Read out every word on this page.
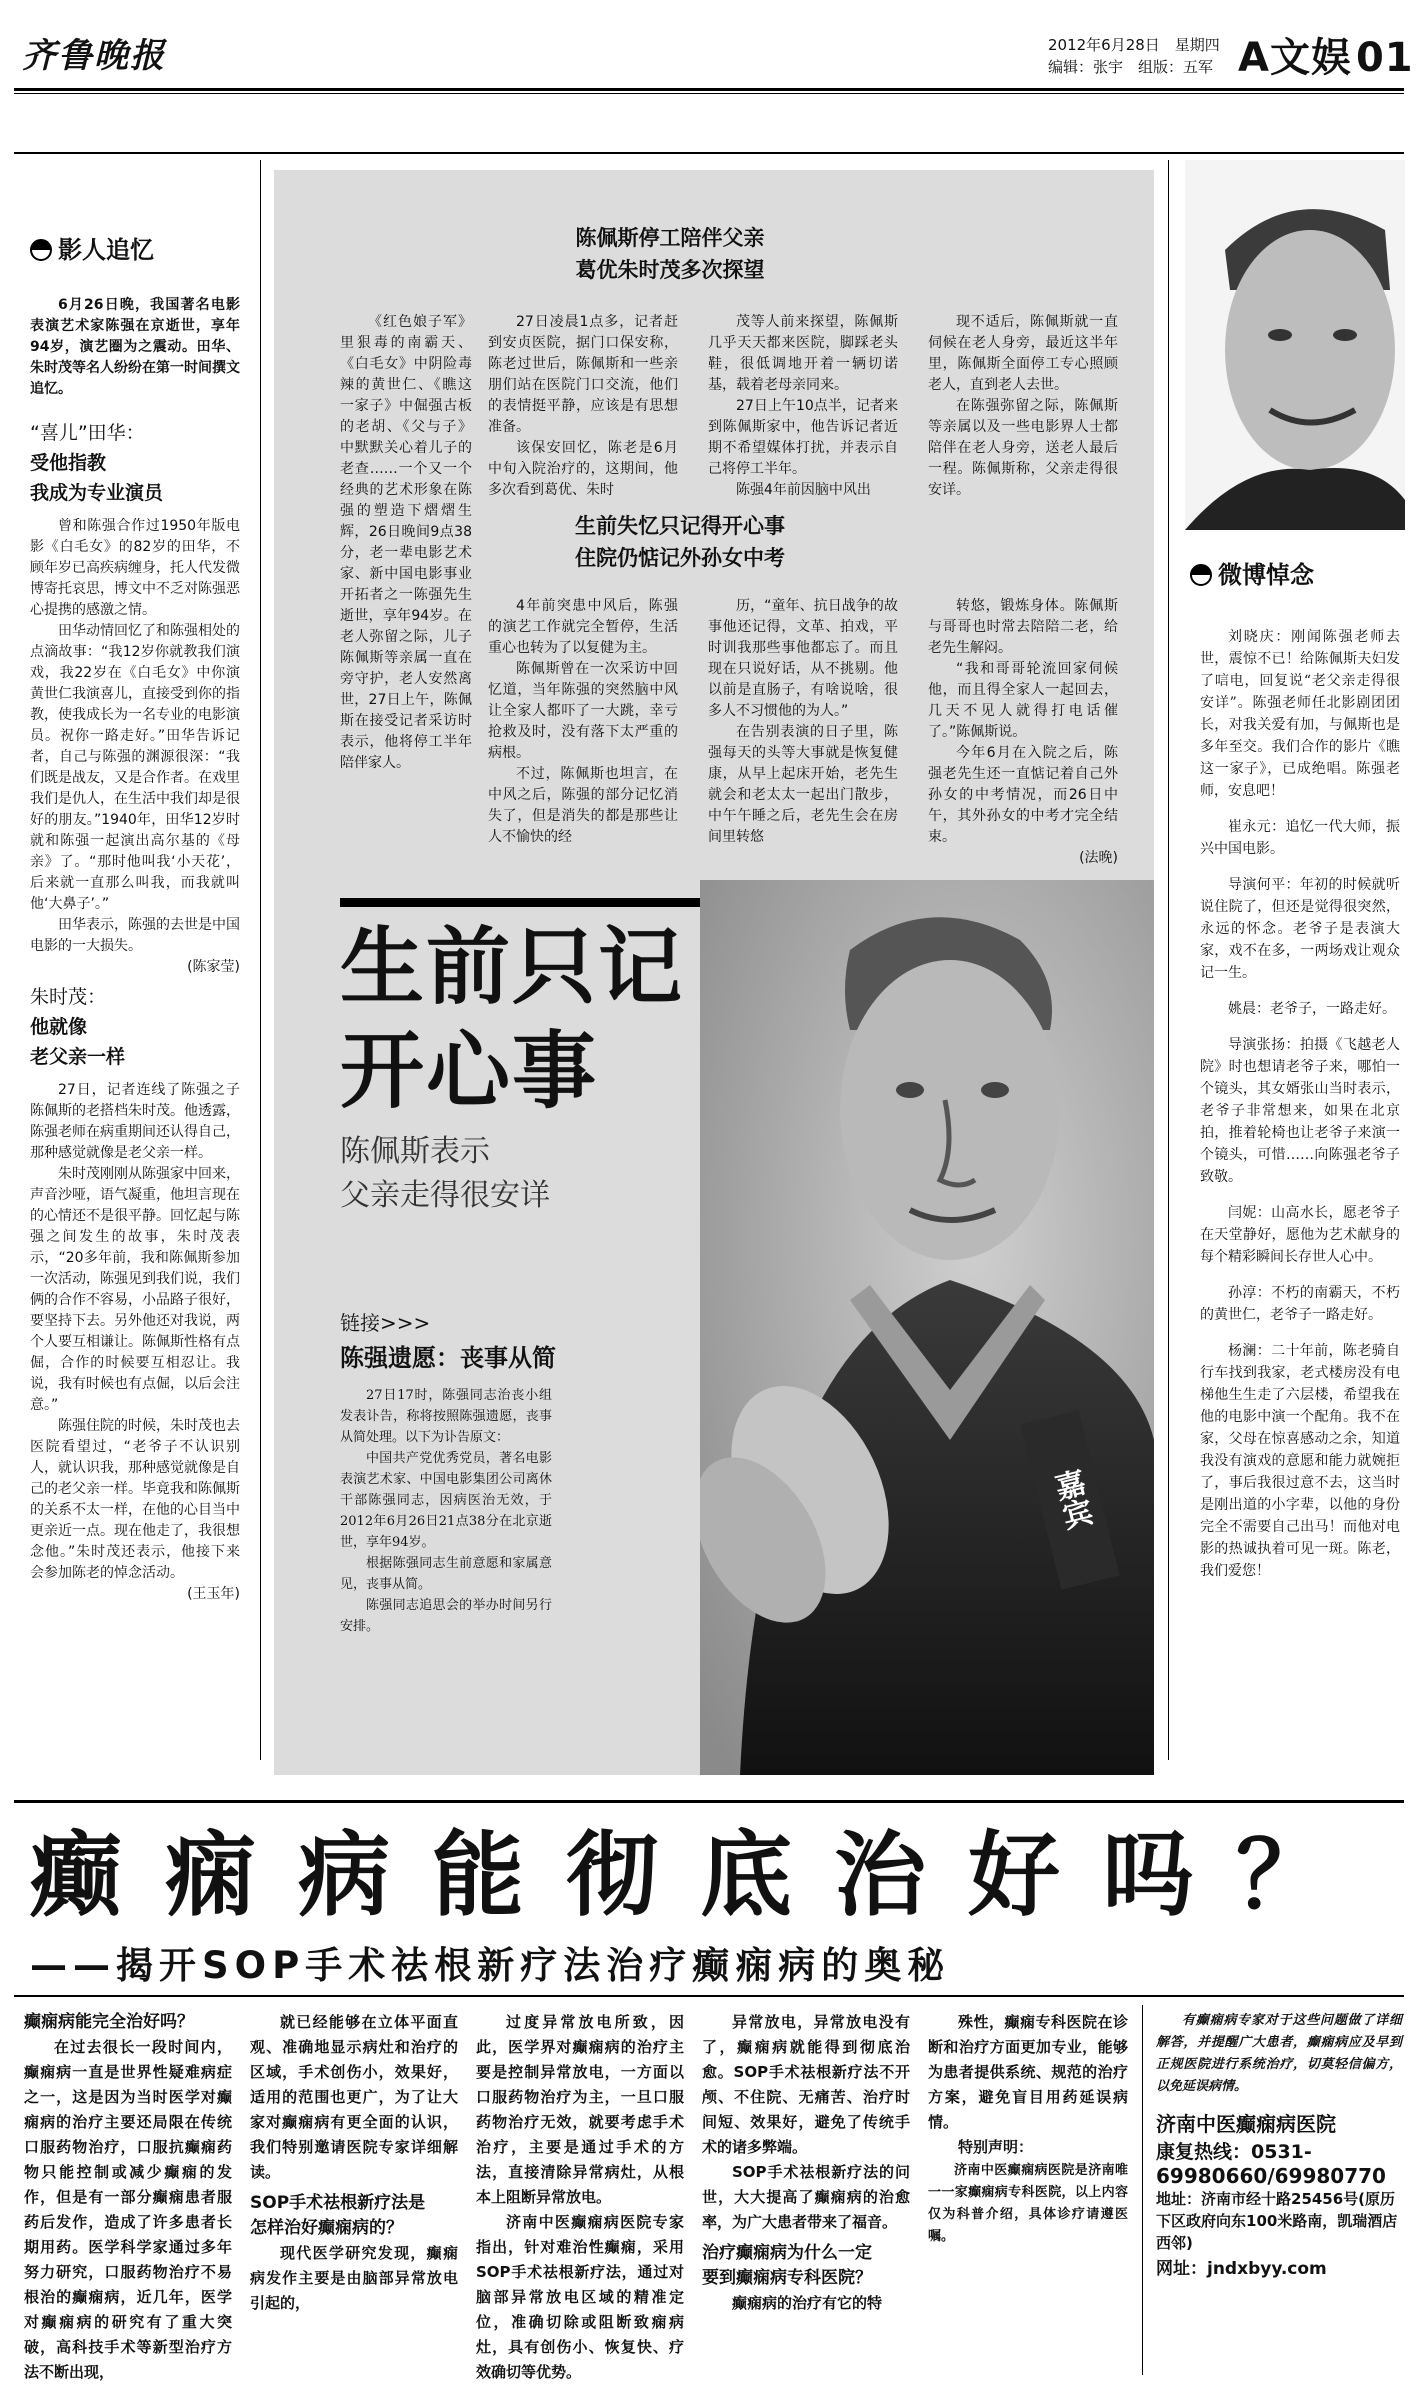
齐鲁晚报	2012年6月28日　星期四
编辑：张宇　组版：五军 A文娱 01
影人追忆

6月26日晚，我国著名电影表演艺术家陈强在京逝世，享年94岁，演艺圈为之震动。田华、朱时茂等名人纷纷在第一时间撰文追忆。

“喜儿”田华：
受他指教
我成为专业演员

曾和陈强合作过1950年版电影《白毛女》的82岁的田华，不顾年岁已高疾病缠身，托人代发微博寄托哀思，博文中不乏对陈强恶心提携的感激之情。

田华动情回忆了和陈强相处的点滴故事：“我12岁你就教我们演戏，我22岁在《白毛女》中你演黄世仁我演喜儿，直接受到你的指教，使我成长为一名专业的电影演员。祝你一路走好。”田华告诉记者，自己与陈强的渊源很深：“我们既是战友，又是合作者。在戏里我们是仇人，在生活中我们却是很好的朋友。”1940年，田华12岁时就和陈强一起演出高尔基的《母亲》了。“那时他叫我‘小天花’，后来就一直那么叫我，而我就叫他‘大鼻子’。”

田华表示，陈强的去世是中国电影的一大损失。

(陈家莹)
朱时茂：
他就像
老父亲一样

27日，记者连线了陈强之子陈佩斯的老搭档朱时茂。他透露，陈强老师在病重期间还认得自己，那种感觉就像是老父亲一样。

朱时茂刚刚从陈强家中回来，声音沙哑，语气凝重，他坦言现在的心情还不是很平静。回忆起与陈强之间发生的故事，朱时茂表示，“20多年前，我和陈佩斯参加一次活动，陈强见到我们说，我们俩的合作不容易，小品路子很好，要坚持下去。另外他还对我说，两个人要互相谦让。陈佩斯性格有点倔，合作的时候要互相忍让。我说，我有时候也有点倔，以后会注意。”

陈强住院的时候，朱时茂也去医院看望过，“老爷子不认识别人，就认识我，那种感觉就像是自己的老父亲一样。毕竟我和陈佩斯的关系不太一样，在他的心目当中更亲近一点。现在他走了，我很想念他。”朱时茂还表示，他接下来会参加陈老的悼念活动。

(王玉年)
陈佩斯停工陪伴父亲
葛优朱时茂多次探望

《红色娘子军》里狠毒的南霸天、《白毛女》中阴险毒辣的黄世仁、《瞧这一家子》中倔强古板的老胡、《父与子》中默默关心着儿子的老查……一个又一个经典的艺术形象在陈强的塑造下熠熠生辉，26日晚间9点38分，老一辈电影艺术家、新中国电影事业开拓者之一陈强先生逝世，享年94岁。在老人弥留之际，儿子陈佩斯等亲属一直在旁守护，老人安然离世，27日上午，陈佩斯在接受记者采访时表示，他将停工半年陪伴家人。

27日凌晨1点多，记者赶到安贞医院，据门口保安称，陈老过世后，陈佩斯和一些亲朋们站在医院门口交流，他们的表情挺平静，应该是有思想准备。

该保安回忆，陈老是6月中旬入院治疗的，这期间，他多次看到葛优、朱时

茂等人前来探望，陈佩斯几乎天天都来医院，脚踩老头鞋，很低调地开着一辆切诺基，载着老母亲同来。

27日上午10点半，记者来到陈佩斯家中，他告诉记者近期不希望媒体打扰，并表示自己将停工半年。

陈强4年前因脑中风出

现不适后，陈佩斯就一直伺候在老人身旁，最近这半年里，陈佩斯全面停工专心照顾老人，直到老人去世。

在陈强弥留之际，陈佩斯等亲属以及一些电影界人士都陪伴在老人身旁，送老人最后一程。陈佩斯称，父亲走得很安详。

生前失忆只记得开心事
住院仍惦记外孙女中考

4年前突患中风后，陈强的演艺工作就完全暂停，生活重心也转为了以复健为主。

陈佩斯曾在一次采访中回忆道，当年陈强的突然脑中风让全家人都吓了一大跳，幸亏抢救及时，没有落下太严重的病根。

不过，陈佩斯也坦言，在中风之后，陈强的部分记忆消失了，但是消失的都是那些让人不愉快的经

历，“童年、抗日战争的故事他还记得，文革、拍戏，平时训我那些事他都忘了。而且现在只说好话，从不挑剔。他以前是直肠子，有啥说啥，很多人不习惯他的为人。”

在告别表演的日子里，陈强每天的头等大事就是恢复健康，从早上起床开始，老先生就会和老太太一起出门散步，中午午睡之后，老先生会在房间里转悠

转悠，锻炼身体。陈佩斯与哥哥也时常去陪陪二老，给老先生解闷。

“我和哥哥轮流回家伺候他，而且得全家人一起回去，几天不见人就得打电话催了。”陈佩斯说。

今年6月在入院之后，陈强老先生还一直惦记着自己外孙女的中考情况，而26日中午，其外孙女的中考才完全结束。

(法晚)
嘉宾
生前只记
开心事
陈佩斯表示
父亲走得很安详
链接>>>
陈强遗愿：丧事从简

27日17时，陈强同志治丧小组发表讣告，称将按照陈强遗愿，丧事从简处理。以下为讣告原文：

中国共产党优秀党员，著名电影表演艺术家、中国电影集团公司离休干部陈强同志，因病医治无效，于2012年6月26日21点38分在北京逝世，享年94岁。

根据陈强同志生前意愿和家属意见，丧事从简。

陈强同志追思会的举办时间另行安排。

微博悼念

刘晓庆：刚闻陈强老师去世，震惊不已！给陈佩斯夫妇发了唁电，回复说“老父亲走得很安详”。陈强老师任北影剧团团长，对我关爱有加，与佩斯也是多年至交。我们合作的影片《瞧这一家子》，已成绝唱。陈强老师，安息吧！

崔永元：追忆一代大师，振兴中国电影。

导演何平：年初的时候就听说住院了，但还是觉得很突然，永远的怀念。老爷子是表演大家，戏不在多，一两场戏让观众记一生。

姚晨：老爷子，一路走好。

导演张扬：拍摄《飞越老人院》时也想请老爷子来，哪怕一个镜头，其女婿张山当时表示，老爷子非常想来，如果在北京拍，推着轮椅也让老爷子来演一个镜头，可惜……向陈强老爷子致敬。

闫妮：山高水长，愿老爷子在天堂静好，愿他为艺术献身的每个精彩瞬间长存世人心中。

孙淳：不朽的南霸天，不朽的黄世仁，老爷子一路走好。

杨澜：二十年前，陈老骑自行车找到我家，老式楼房没有电梯他生生走了六层楼，希望我在他的电影中演一个配角。我不在家，父母在惊喜感动之余，知道我没有演戏的意愿和能力就婉拒了，事后我很过意不去，这当时是刚出道的小字辈，以他的身份完全不需要自己出马！而他对电影的热诚执着可见一斑。陈老，我们爱您！

癫痫病能彻底治好吗？
——揭开SOP手术祛根新疗法治疗癫痫病的奥秘
癫痫病能完全治好吗？

在过去很长一段时间内，癫痫病一直是世界性疑难病症之一，这是因为当时医学对癫痫病的治疗主要还局限在传统口服药物治疗，口服抗癫痫药物只能控制或减少癫痫的发作，但是有一部分癫痫患者服药后发作，造成了许多患者长期用药。医学科学家通过多年努力研究，口服药物治疗不易根治的癫痫病，近几年，医学对癫痫病的研究有了重大突破，高科技手术等新型治疗方法不断出现，

就已经能够在立体平面直观、准确地显示病灶和治疗的区域，手术创伤小，效果好，适用的范围也更广，为了让大家对癫痫病有更全面的认识，我们特别邀请医院专家详细解读。

SOP手术祛根新疗法是
怎样治好癫痫病的？

现代医学研究发现，癫痫病发作主要是由脑部异常放电引起的，

过度异常放电所致，因此，医学界对癫痫病的治疗主要是控制异常放电，一方面以口服药物治疗为主，一旦口服药物治疗无效，就要考虑手术治疗，主要是通过手术的方法，直接清除异常病灶，从根本上阻断异常放电。

济南中医癫痫病医院专家指出，针对难治性癫痫，采用SOP手术祛根新疗法，通过对脑部异常放电区域的精准定位，准确切除或阻断致痫病灶，具有创伤小、恢复快、疗效确切等优势。

异常放电，异常放电没有了，癫痫病就能得到彻底治愈。SOP手术祛根新疗法不开颅、不住院、无痛苦、治疗时间短、效果好，避免了传统手术的诸多弊端。

SOP手术祛根新疗法的问世，大大提高了癫痫病的治愈率，为广大患者带来了福音。

治疗癫痫病为什么一定
要到癫痫病专科医院？

癫痫病的治疗有它的特

殊性，癫痫专科医院在诊断和治疗方面更加专业，能够为患者提供系统、规范的治疗方案，避免盲目用药延误病情。

特别声明：

济南中医癫痫病医院是济南唯一一家癫痫病专科医院，以上内容仅为科普介绍，具体诊疗请遵医嘱。

有癫痫病专家对于这些问题做了详细解答，并提醒广大患者，癫痫病应及早到正规医院进行系统治疗，切莫轻信偏方，以免延误病情。
济南中医癫痫病医院
康复热线：0531-
69980660/69980770
地址：济南市经十路25456号(原历下区政府向东100米路南，凯瑞酒店西邻)
网址：jndxbyy.com
